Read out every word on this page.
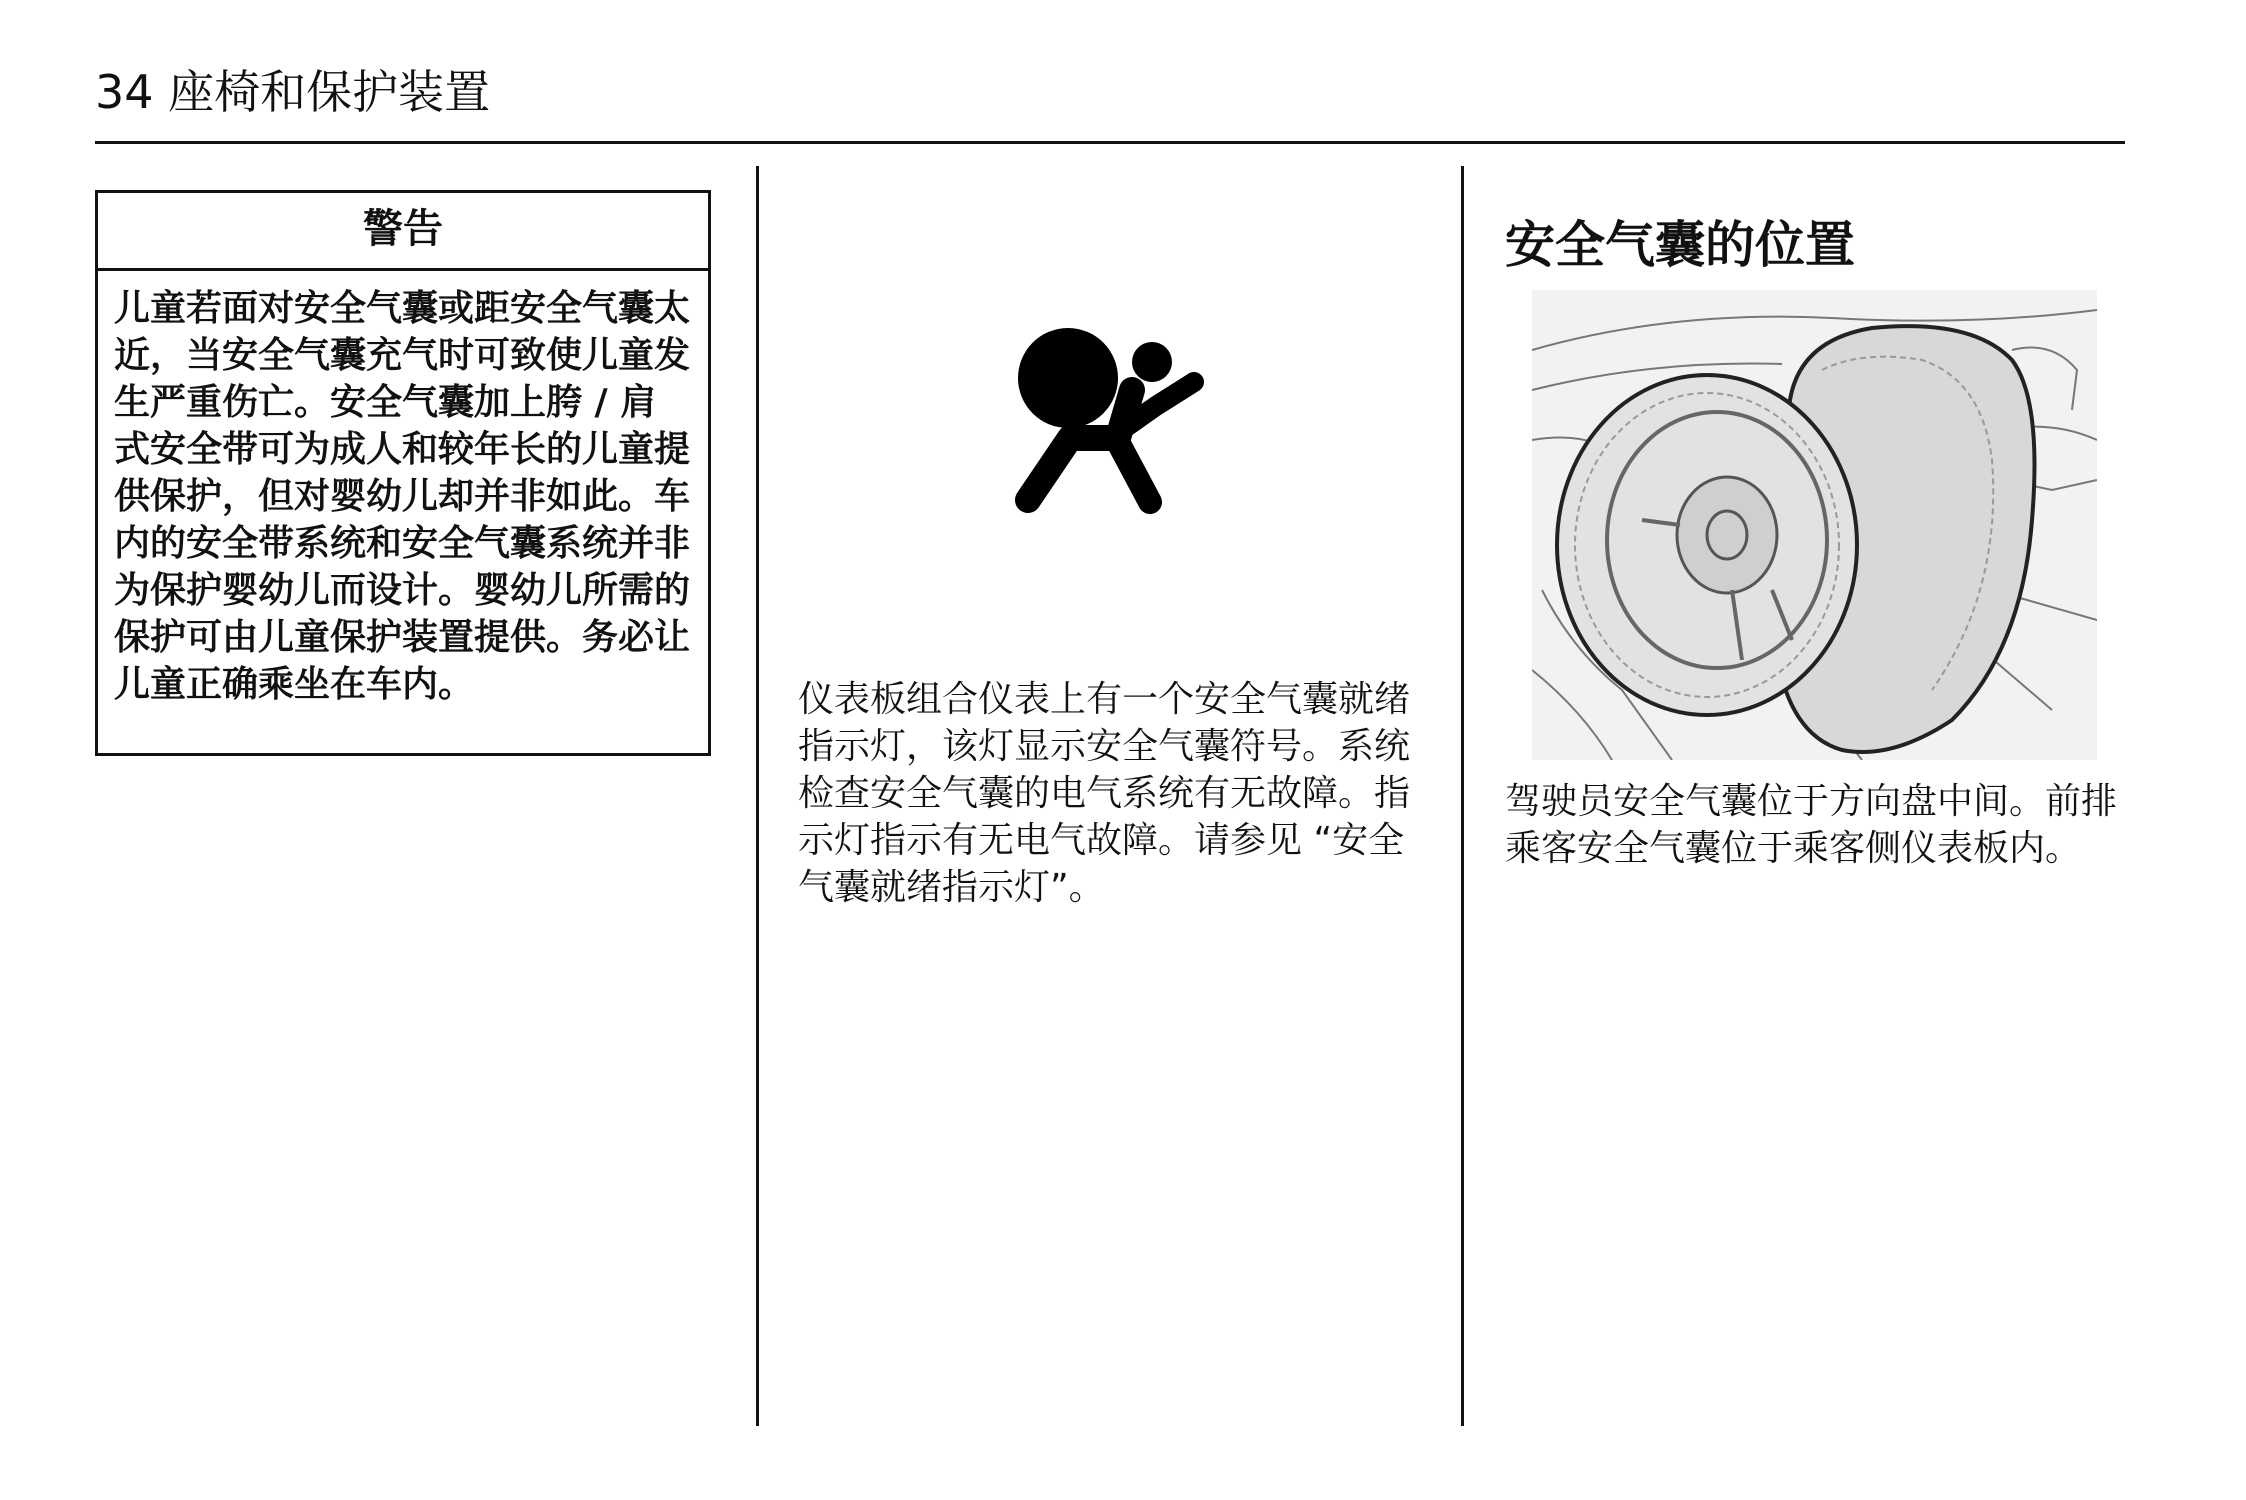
34 座椅和保护装置
警告
儿童若面对安全气囊或距安全气囊太近，当安全气囊充气时可致使儿童发生严重伤亡。安全气囊加上胯 / 肩式安全带可为成人和较年长的儿童提供保护，但对婴幼儿却并非如此。车内的安全带系统和安全气囊系统并非为保护婴幼儿而设计。婴幼儿所需的保护可由儿童保护装置提供。务必让儿童正确乘坐在车内。	仪表板组合仪表上有一个安全气囊就绪指示灯，该灯显示安全气囊符号。系统检查安全气囊的电气系统有无故障。指示灯指示有无电气故障。请参见 “安全气囊就绪指示灯”。
安全气囊的位置
驾驶员安全气囊位于方向盘中间。前排乘客安全气囊位于乘客侧仪表板内。
